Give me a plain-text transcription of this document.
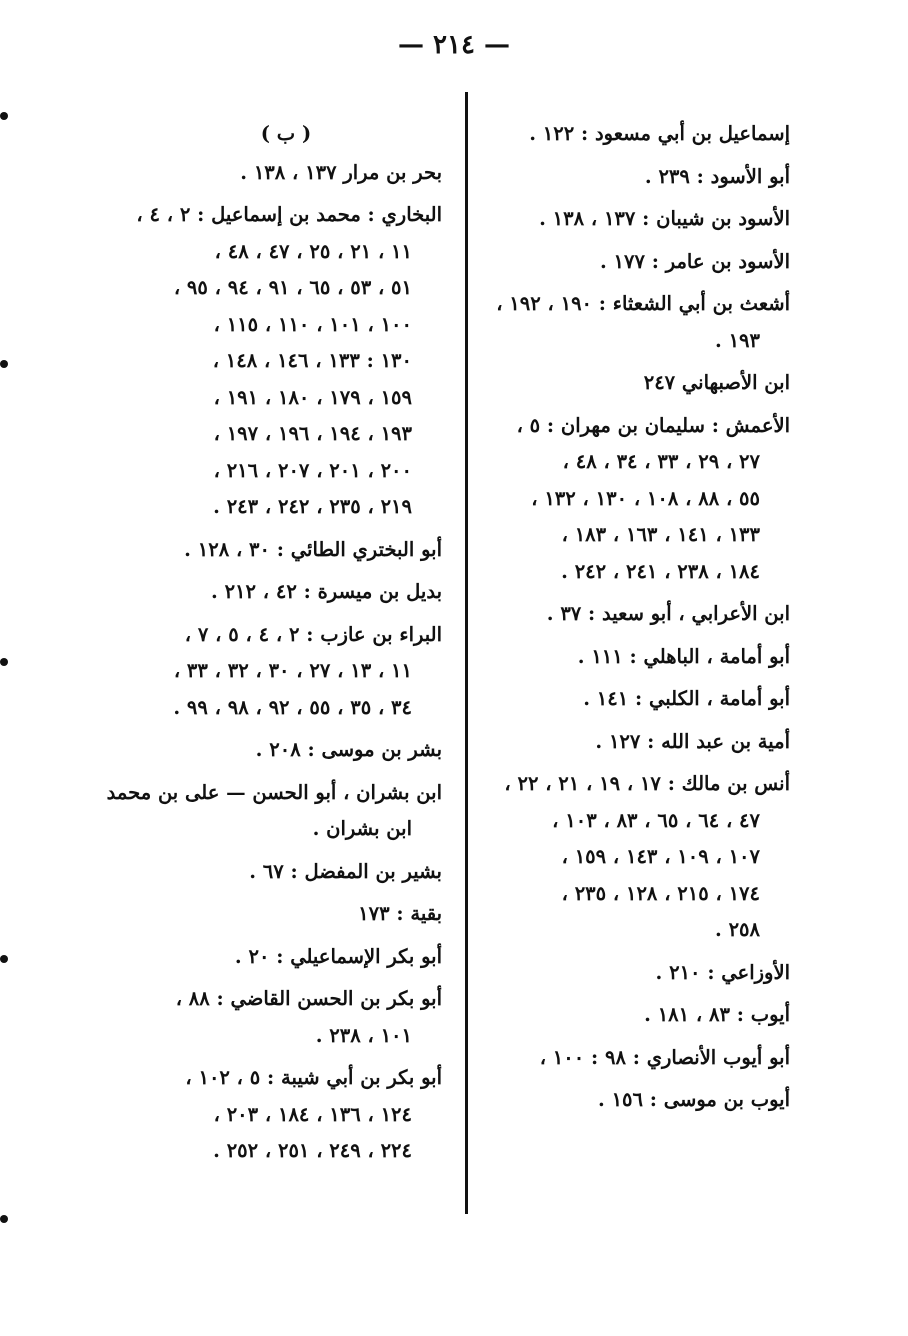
— ٢١٤ —
إسماعيل بن أبي مسعود : ١٢٢ .
أبو الأسود : ٢٣٩ .
الأسود بن شيبان : ١٣٧ ، ١٣٨ .
الأسود بن عامر : ١٧٧ .
أشعث بن أبي الشعثاء : ١٩٠ ، ١٩٢ ،
١٩٣ .
ابن الأصبهاني ٢٤٧
الأعمش : سليمان بن مهران : ٥ ،
٢٧ ، ٢٩ ، ٣٣ ، ٣٤ ، ٤٨ ،
٥٥ ، ٨٨ ، ١٠٨ ، ١٣٠ ، ١٣٢ ،
١٣٣ ، ١٤١ ، ١٦٣ ، ١٨٣ ،
١٨٤ ، ٢٣٨ ، ٢٤١ ، ٢٤٢ .
ابن الأعرابي ، أبو سعيد : ٣٧ .
أبو أمامة ، الباهلي : ١١١ .
أبو أمامة ، الكلبي : ١٤١ .
أمية بن عبد الله : ١٢٧ .
أنس بن مالك : ١٧ ، ١٩ ، ٢١ ، ٢٢ ،
٤٧ ، ٦٤ ، ٦٥ ، ٨٣ ، ١٠٣ ،
١٠٧ ، ١٠٩ ، ١٤٣ ، ١٥٩ ،
١٧٤ ، ٢١٥ ، ١٢٨ ، ٢٣٥ ،
٢٥٨ .
الأوزاعي : ٢١٠ .
أيوب : ٨٣ ، ١٨١ .
أبو أيوب الأنصاري : ٩٨ : ١٠٠ ،
أيوب بن موسى : ١٥٦ .
( ب )
بحر بن مرار ١٣٧ ، ١٣٨ .
البخاري : محمد بن إسماعيل : ٢ ، ٤ ،
١١ ، ٢١ ، ٢٥ ، ٤٧ ، ٤٨ ،
٥١ ، ٥٣ ، ٦٥ ، ٩١ ، ٩٤ ، ٩٥ ،
١٠٠ ، ١٠١ ، ١١٠ ، ١١٥ ،
١٣٠ : ١٣٣ ، ١٤٦ ، ١٤٨ ،
١٥٩ ، ١٧٩ ، ١٨٠ ، ١٩١ ،
١٩٣ ، ١٩٤ ، ١٩٦ ، ١٩٧ ،
٢٠٠ ، ٢٠١ ، ٢٠٧ ، ٢١٦ ،
٢١٩ ، ٢٣٥ ، ٢٤٢ ، ٢٤٣ .
أبو البختري الطائي : ٣٠ ، ١٢٨ .
بديل بن ميسرة : ٤٢ ، ٢١٢ .
البراء بن عازب : ٢ ، ٤ ، ٥ ، ٧ ،
١١ ، ١٣ ، ٢٧ ، ٣٠ ، ٣٢ ، ٣٣ ،
٣٤ ، ٣٥ ، ٥٥ ، ٩٢ ، ٩٨ ، ٩٩ .
بشر بن موسى : ٢٠٨ .
ابن بشران ، أبو الحسن — على بن محمد
ابن بشران .
بشير بن المفضل : ٦٧ .
بقية : ١٧٣
أبو بكر الإسماعيلي : ٢٠ .
أبو بكر بن الحسن القاضي : ٨٨ ،
١٠١ ، ٢٣٨ .
أبو بكر بن أبي شيبة : ٥ ، ١٠٢ ،
١٢٤ ، ١٣٦ ، ١٨٤ ، ٢٠٣ ،
٢٢٤ ، ٢٤٩ ، ٢٥١ ، ٢٥٢ .
